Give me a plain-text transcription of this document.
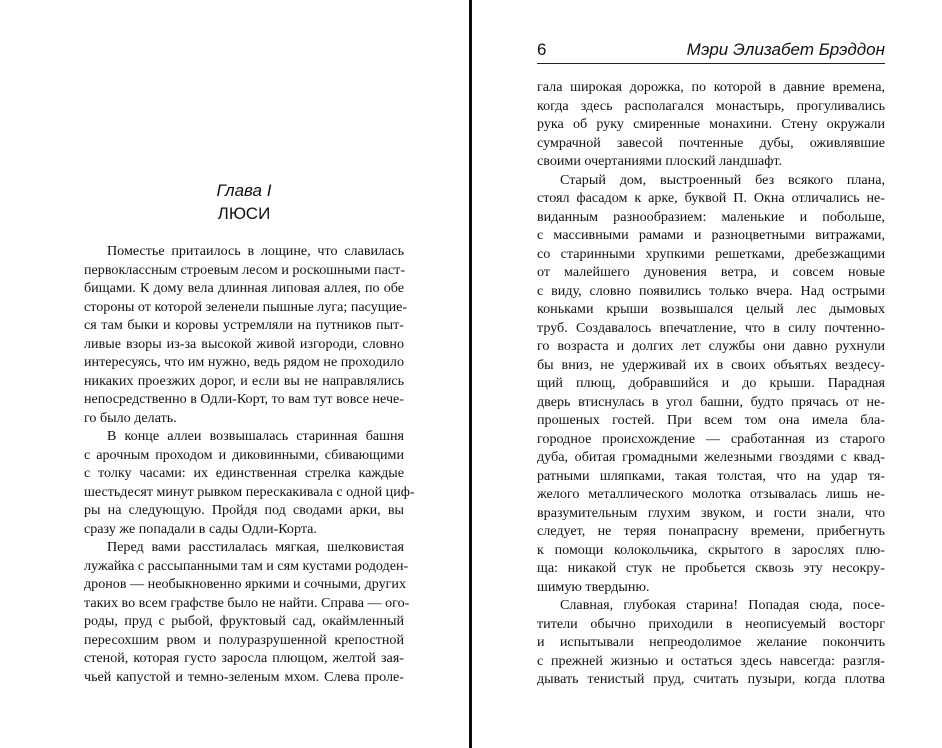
Глава I
ЛЮСИ
Поместье притаилось в лощине, что славилась
первоклассным строевым лесом и роскошными паст-
бищами. К дому вела длинная липовая аллея, по обе
стороны от которой зеленели пышные луга; пасущие-
ся там быки и коровы устремляли на путников пыт-
ливые взоры из-за высокой живой изгороди, словно
интересуясь, что им нужно, ведь рядом не проходило
никаких проезжих дорог, и если вы не направлялись
непосредственно в Одли-Корт, то вам тут вовсе нече-
го было делать.
В конце аллеи возвышалась старинная башня
с арочным проходом и диковинными, сбивающими
с толку часами: их единственная стрелка каждые
шестьдесят минут рывком перескакивала с одной циф-
ры на следующую. Пройдя под сводами арки, вы
сразу же попадали в сады Одли-Корта.
Перед вами расстилалась мягкая, шелковистая
лужайка с рассыпанными там и сям кустами рододен-
дронов — необыкновенно яркими и сочными, других
таких во всем графстве было не найти. Справа — ого-
роды, пруд с рыбой, фруктовый сад, окаймленный
пересохшим рвом и полуразрушенной крепостной
стеной, которая густо заросла плющом, желтой зая-
чьей капустой и темно-зеленым мхом. Слева проле-
6	Мэри Элизабет Брэддон
гала широкая дорожка, по которой в давние времена,
когда здесь располагался монастырь, прогуливались
рука об руку смиренные монахини. Стену окружали
сумрачной завесой почтенные дубы, оживлявшие
своими очертаниями плоский ландшафт.
Старый дом, выстроенный без всякого плана,
стоял фасадом к арке, буквой П. Окна отличались не-
виданным разнообразием: маленькие и побольше,
с массивными рамами и разноцветными витражами,
со старинными хрупкими решетками, дребезжащими
от малейшего дуновения ветра, и совсем новые
с виду, словно появились только вчера. Над острыми
коньками крыши возвышался целый лес дымовых
труб. Создавалось впечатление, что в силу почтенно-
го возраста и долгих лет службы они давно рухнули
бы вниз, не удерживай их в своих объятьях вездесу-
щий плющ, добравшийся и до крыши. Парадная
дверь втиснулась в угол башни, будто прячась от не-
прошеных гостей. При всем том она имела бла-
городное происхождение — сработанная из старого
дуба, обитая громадными железными гвоздями с квад-
ратными шляпками, такая толстая, что на удар тя-
желого металлического молотка отзывалась лишь не-
вразумительным глухим звуком, и гости знали, что
следует, не теряя понапрасну времени, прибегнуть
к помощи колокольчика, скрытого в зарослях плю-
ща: никакой стук не пробьется сквозь эту несокру-
шимую твердыню.
Славная, глубокая старина! Попадая сюда, посе-
тители обычно приходили в неописуемый восторг
и испытывали непреодолимое желание покончить
с прежней жизнью и остаться здесь навсегда: разгля-
дывать тенистый пруд, считать пузыри, когда плотва
